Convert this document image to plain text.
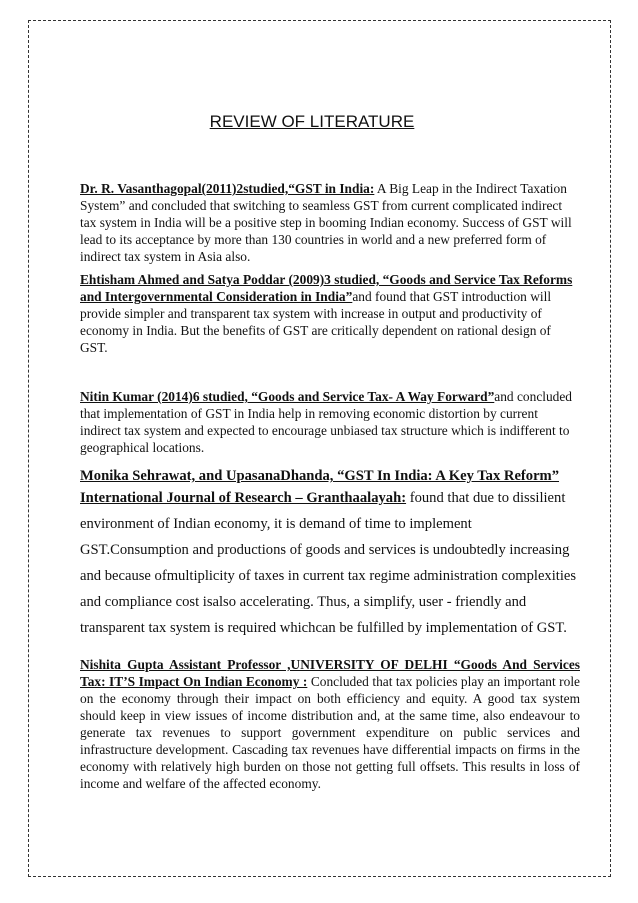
REVIEW OF LITERATURE
Dr. R. Vasanthagopal(2011)2studied,“GST in India: A Big Leap in the Indirect Taxation System” and concluded that switching to seamless GST from current complicated indirect tax system in India will be a positive step in booming Indian economy. Success of GST will lead to its acceptance by more than 130 countries in world and a new preferred form of indirect tax system in Asia also.
Ehtisham Ahmed and Satya Poddar (2009)3 studied, “Goods and Service Tax Reforms and Intergovernmental Consideration in India”and found that GST introduction will provide simpler and transparent tax system with increase in output and productivity of economy in India. But the benefits of GST are critically dependent on rational design of GST.
Nitin Kumar (2014)6 studied, “Goods and Service Tax- A Way Forward”and concluded that implementation of GST in India help in removing economic distortion by current indirect tax system and expected to encourage unbiased tax structure which is indifferent to geographical locations.
Monika Sehrawat, and UpasanaDhanda, “GST In India: A Key Tax Reform” International Journal of Research – Granthaalayah: found that due to dissilient environment of Indian economy, it is demand of time to implement GST.Consumption and productions of goods and services is undoubtedly increasing and because ofmultiplicity of taxes in current tax regime administration complexities and compliance cost isalso accelerating. Thus, a simplify, user - friendly and transparent tax system is required whichcan be fulfilled by implementation of GST.
Nishita Gupta Assistant Professor ,UNIVERSITY OF DELHI “Goods And Services Tax: IT’S Impact On Indian Economy : Concluded that tax policies play an important role on the economy through their impact on both efficiency and equity. A good tax system should keep in view issues of income distribution and, at the same time, also endeavour to generate tax revenues to support government expenditure on public services and infrastructure development. Cascading tax revenues have differential impacts on firms in the economy with relatively high burden on those not getting full offsets. This results in loss of income and welfare of the affected economy.
